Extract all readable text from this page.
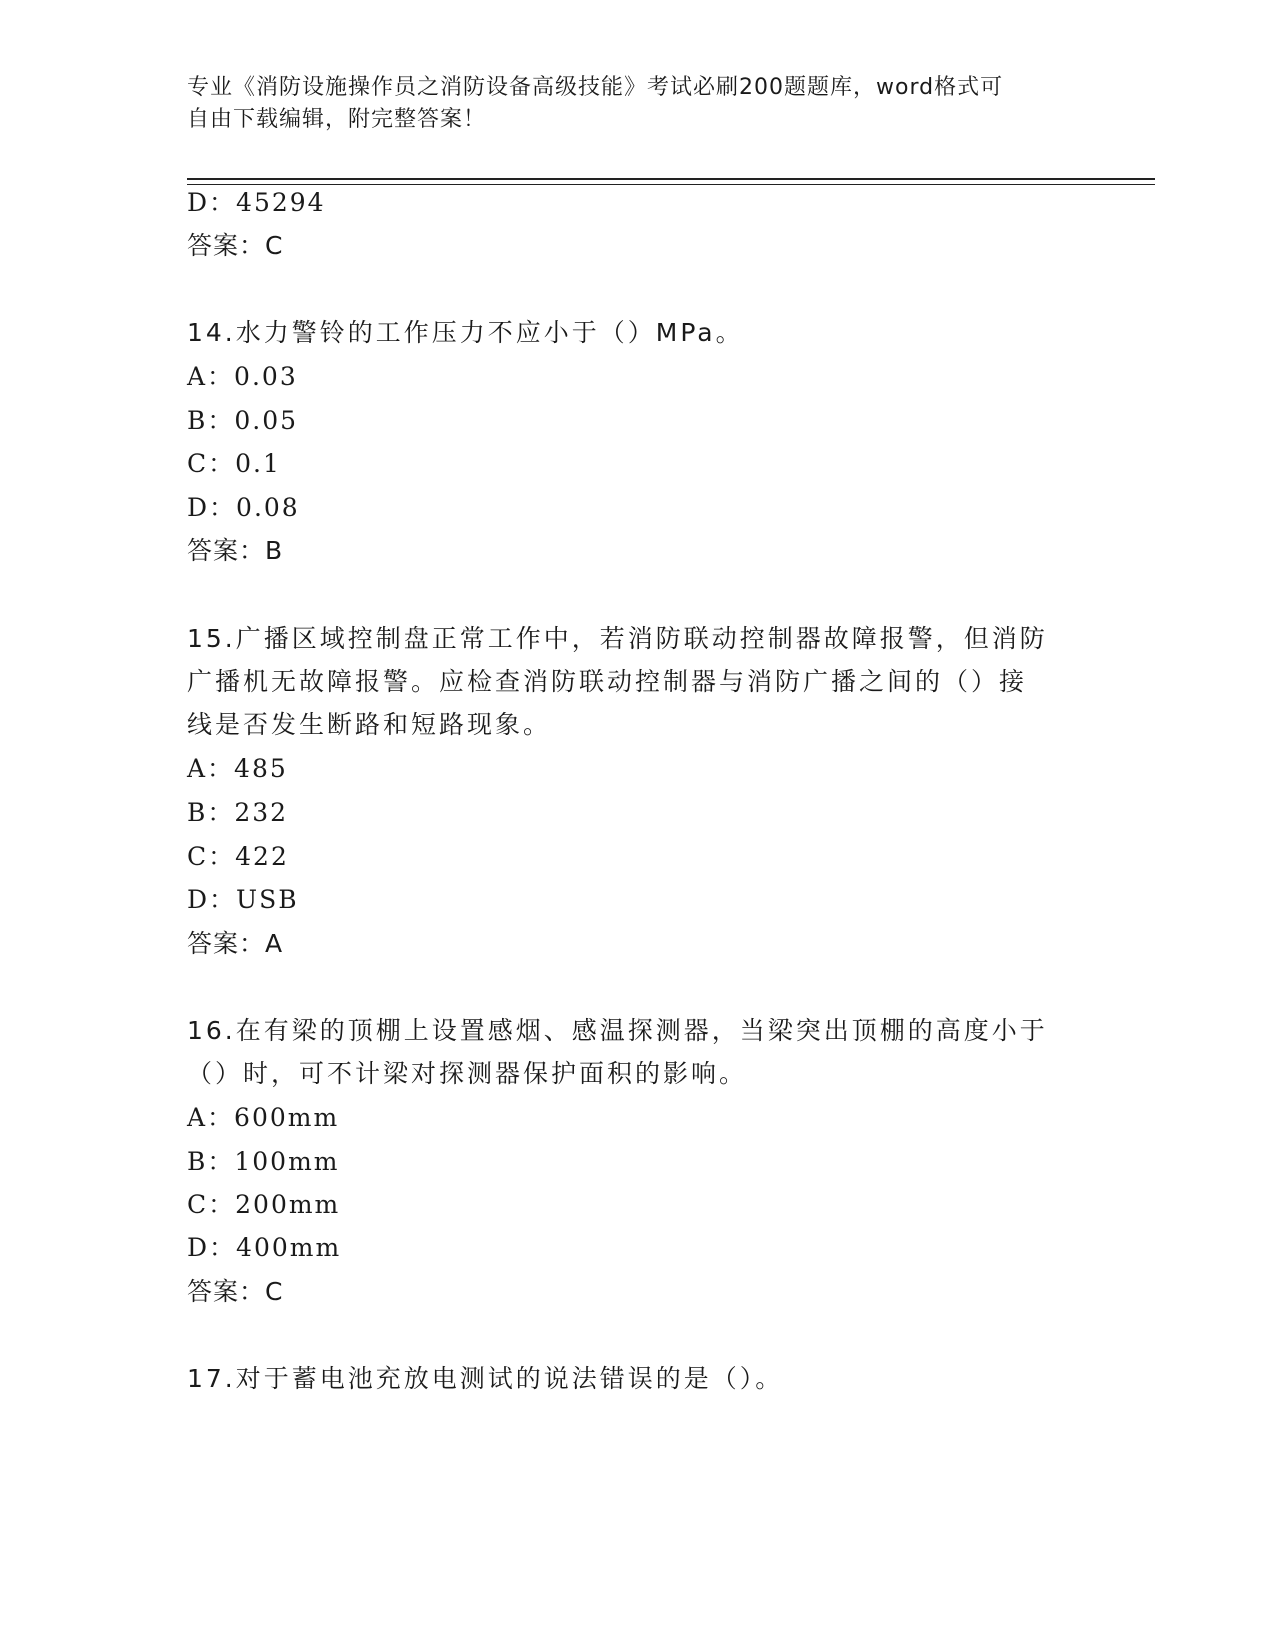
专业《消防设施操作员之消防设备高级技能》考试必刷200题题库，word格式可
自由下载编辑，附完整答案！
D：45294
答案：C
14.水力警铃的工作压力不应小于（）MPa。
A：0.03
B：0.05
C：0.1
D：0.08
答案：B
15.广播区域控制盘正常工作中，若消防联动控制器故障报警，但消防
广播机无故障报警。应检查消防联动控制器与消防广播之间的（）接
线是否发生断路和短路现象。
A：485
B：232
C：422
D：USB
答案：A
16.在有梁的顶棚上设置感烟、感温探测器，当梁突出顶棚的高度小于
（）时，可不计梁对探测器保护面积的影响。
A：600mm
B：100mm
C：200mm
D：400mm
答案：C
17.对于蓄电池充放电测试的说法错误的是（）。
